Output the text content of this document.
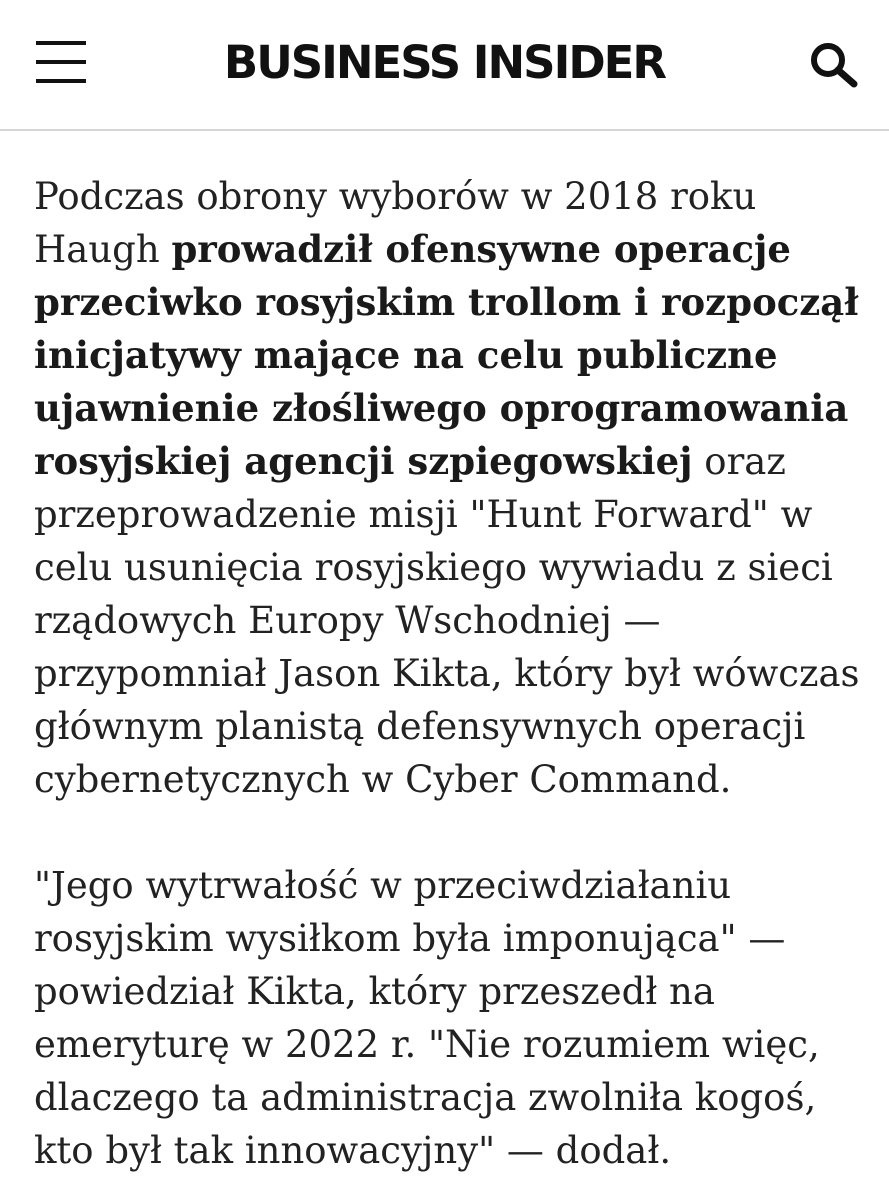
BUSINESS INSIDER

Podczas obrony wyborów w 2018 roku Haugh prowadził ofensywne operacje przeciwko rosyjskim trollom i rozpoczął inicjatywy mające na celu publiczne ujawnienie złośliwego oprogramowania rosyjskiej agencji szpiegowskiej oraz przeprowadzenie misji "Hunt Forward" w celu usunięcia rosyjskiego wywiadu z sieci rządowych Europy Wschodniej — przypomniał Jason Kikta, który był wówczas głównym planistą defensywnych operacji cybernetycznych w Cyber Command.

"Jego wytrwałość w przeciwdziałaniu rosyjskim wysiłkom była imponująca" — powiedział Kikta, który przeszedł na emeryturę w 2022 r. "Nie rozumiem więc, dlaczego ta administracja zwolniła kogoś, kto był tak innowacyjny" — dodał.
